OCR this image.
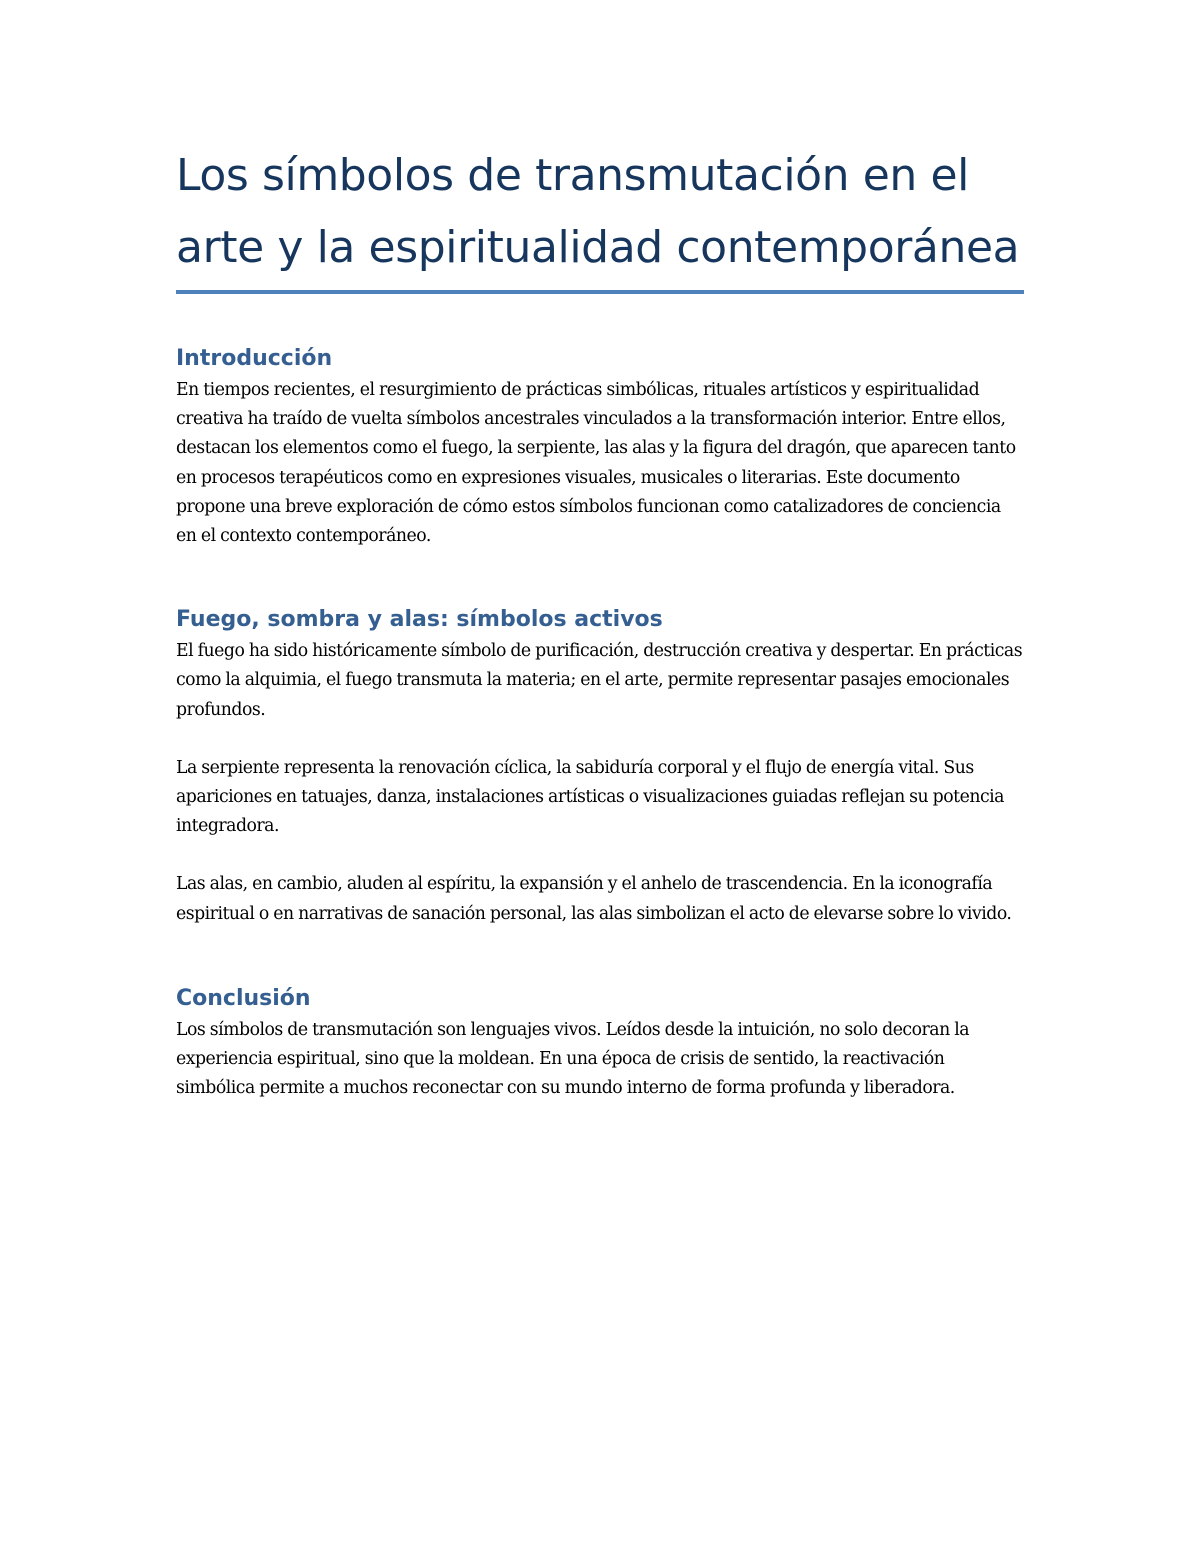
Los símbolos de transmutación en el arte y la espiritualidad contemporánea
Introducción

En tiempos recientes, el resurgimiento de prácticas simbólicas, rituales artísticos y espiritualidad creativa ha traído de vuelta símbolos ancestrales vinculados a la transformación interior. Entre ellos, destacan los elementos como el fuego, la serpiente, las alas y la figura del dragón, que aparecen tanto en procesos terapéuticos como en expresiones visuales, musicales o literarias. Este documento propone una breve exploración de cómo estos símbolos funcionan como catalizadores de conciencia en el contexto contemporáneo.

Fuego, sombra y alas: símbolos activos

El fuego ha sido históricamente símbolo de purificación, destrucción creativa y despertar. En prácticas como la alquimia, el fuego transmuta la materia; en el arte, permite representar pasajes emocionales profundos.

La serpiente representa la renovación cíclica, la sabiduría corporal y el flujo de energía vital. Sus apariciones en tatuajes, danza, instalaciones artísticas o visualizaciones guiadas reflejan su potencia integradora.

Las alas, en cambio, aluden al espíritu, la expansión y el anhelo de trascendencia. En la iconografía espiritual o en narrativas de sanación personal, las alas simbolizan el acto de elevarse sobre lo vivido.

Conclusión

Los símbolos de transmutación son lenguajes vivos. Leídos desde la intuición, no solo decoran la experiencia espiritual, sino que la moldean. En una época de crisis de sentido, la reactivación simbólica permite a muchos reconectar con su mundo interno de forma profunda y liberadora.
